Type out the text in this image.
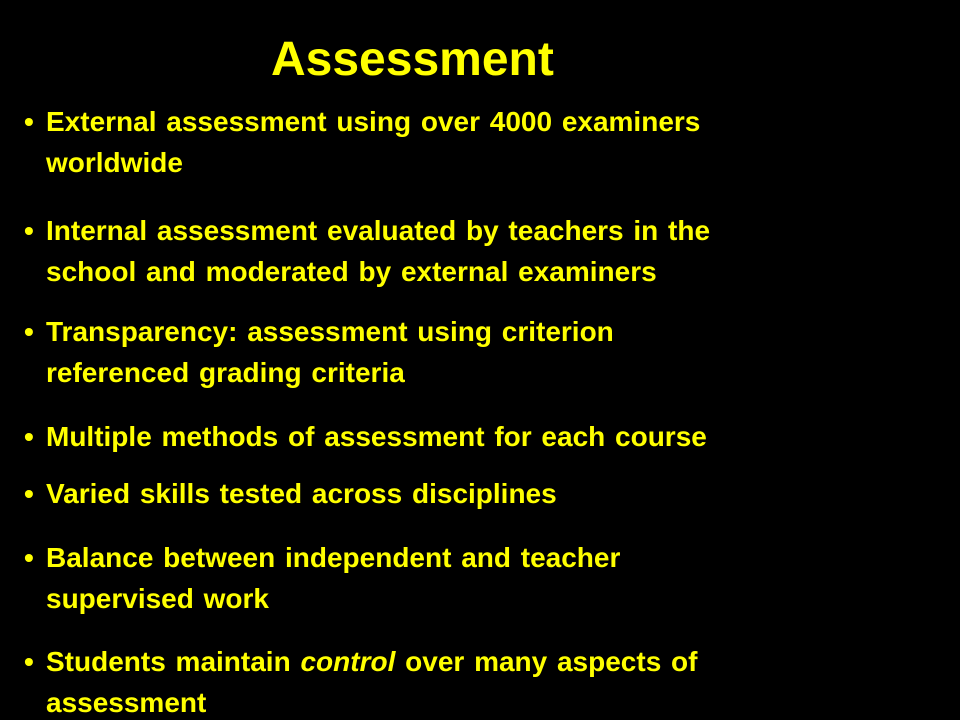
Assessment
• External assessment using over 4000 examiners
worldwide
• Internal assessment evaluated by teachers in the
school and moderated by external examiners
• Transparency: assessment using criterion
referenced grading criteria
• Multiple methods of assessment for each course
• Varied skills tested across disciplines
• Balance between independent and teacher
supervised work
• Students maintain control over many aspects of
assessment
